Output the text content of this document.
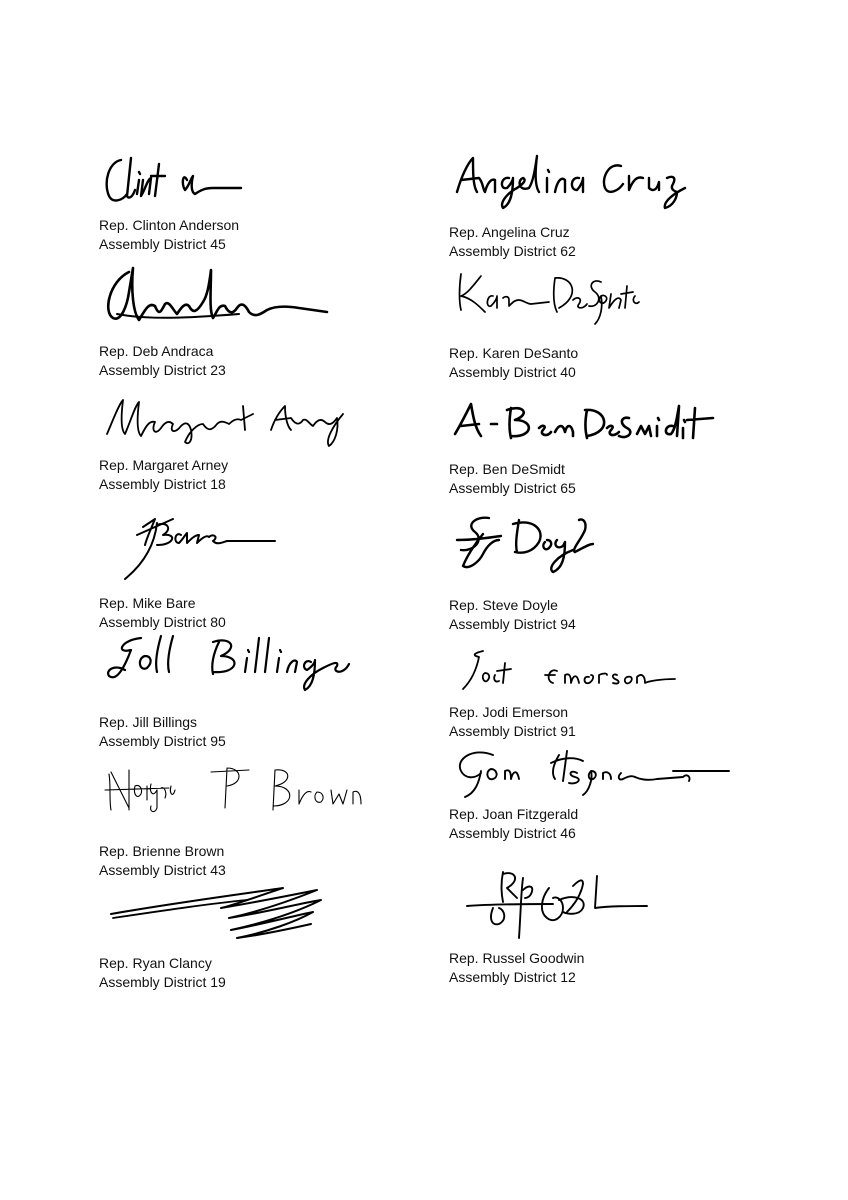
Rep. Clinton Anderson
Assembly District 45
Rep. Deb Andraca
Assembly District 23
Rep. Margaret Arney
Assembly District 18
Rep. Mike Bare
Assembly District 80
Rep. Jill Billings
Assembly District 95
Rep. Brienne Brown
Assembly District 43
Rep. Ryan Clancy
Assembly District 19
Rep. Angelina Cruz
Assembly District 62
Rep. Karen DeSanto
Assembly District 40
Rep. Ben DeSmidt
Assembly District 65
Rep. Steve Doyle
Assembly District 94
Rep. Jodi Emerson
Assembly District 91
Rep. Joan Fitzgerald
Assembly District 46
Rep. Russel Goodwin
Assembly District 12
